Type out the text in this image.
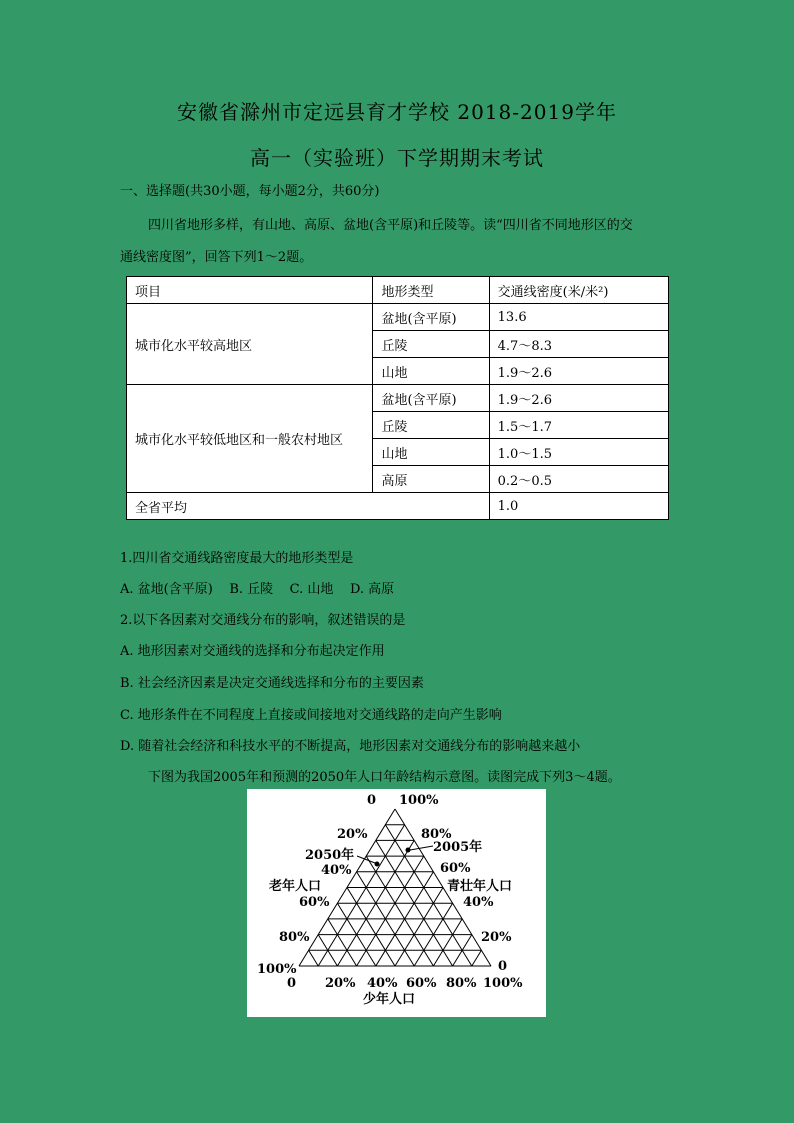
安徽省滁州市定远县育才学校 2018-2019学年
高一（实验班）下学期期末考试
一、选择题(共30小题，每小题2分，共60分)
四川省地形多样，有山地、高原、盆地(含平原)和丘陵等。读“四川省不同地形区的交
通线密度图”，回答下列1～2题。
项目	地形类型	交通线密度(米/米²)
城市化水平较高地区	盆地(含平原)	13.6
	丘陵	4.7～8.3
	山地	1.9～2.6
城市化水平较低地区和一般农村地区	盆地(含平原)	1.9～2.6
	丘陵	1.5～1.7
	山地	1.0～1.5
	高原	0.2～0.5
全省平均		1.0
1.四川省交通线路密度最大的地形类型是
A. 盆地(含平原)    B. 丘陵    C. 山地    D. 高原
2.以下各因素对交通线分布的影响，叙述错误的是
A. 地形因素对交通线的选择和分布起决定作用
B. 社会经济因素是决定交通线选择和分布的主要因素
C. 地形条件在不同程度上直接或间接地对交通线路的走向产生影响
D. 随着社会经济和科技水平的不断提高，地形因素对交通线分布的影响越来越小
下图为我国2005年和预测的2050年人口年龄结构示意图。读图完成下列3～4题。
0 100%
20%
40%
60%
80%
100%
80%
60%
40%
20%
0
0 20% 40% 60% 80% 100%
2050年
2005年
老年人口	青壮年人口
少年人口
